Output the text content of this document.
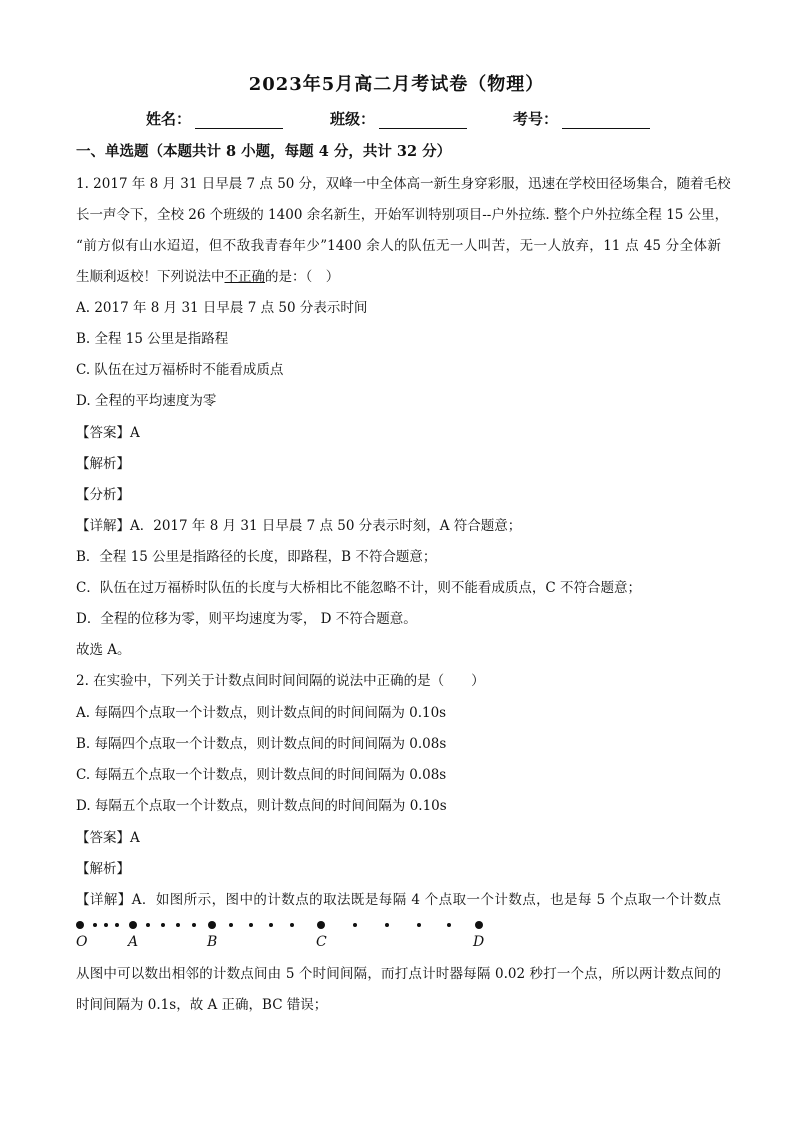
2023年5月高二月考试卷（物理）
姓名：	班级：	考号：
一、单选题（本题共计 8 小题，每题 4 分，共计 32 分）
1. 2017 年 8 月 31 日早晨 7 点 50 分，双峰一中全体高一新生身穿彩服，迅速在学校田径场集合，随着毛校
长一声令下，全校 26 个班级的 1400 余名新生，开始军训特别项目--户外拉练. 整个户外拉练全程 15 公里，
“前方似有山水迢迢，但不敌我青春年少”1400 余人的队伍无一人叫苦，无一人放弃，11 点 45 分全体新
生顺利返校！下列说法中不正确的是：（　）
A. 2017 年 8 月 31 日早晨 7 点 50 分表示时间
B. 全程 15 公里是指路程
C. 队伍在过万福桥时不能看成质点
D. 全程的平均速度为零
【答案】A
【解析】
【分析】
【详解】A．2017 年 8 月 31 日早晨 7 点 50 分表示时刻，A 符合题意；
B．全程 15 公里是指路径的长度，即路程，B 不符合题意；
C．队伍在过万福桥时队伍的长度与大桥相比不能忽略不计，则不能看成质点，C 不符合题意；
D．全程的位移为零，则平均速度为零， D 不符合题意。
故选 A。
2. 在实验中，下列关于计数点间时间间隔的说法中正确的是（　　）
A. 每隔四个点取一个计数点，则计数点间的时间间隔为 0.10s
B. 每隔四个点取一个计数点，则计数点间的时间间隔为 0.08s
C. 每隔五个点取一个计数点，则计数点间的时间间隔为 0.08s
D. 每隔五个点取一个计数点，则计数点间的时间间隔为 0.10s
【答案】A
【解析】
【详解】A．如图所示，图中的计数点的取法既是每隔 4 个点取一个计数点，也是每 5 个点取一个计数点
O	A	B	C	D
从图中可以数出相邻的计数点间由 5 个时间间隔，而打点计时器每隔 0.02 秒打一个点，所以两计数点间的
时间间隔为 0.1s，故 A 正确，BC 错误；
